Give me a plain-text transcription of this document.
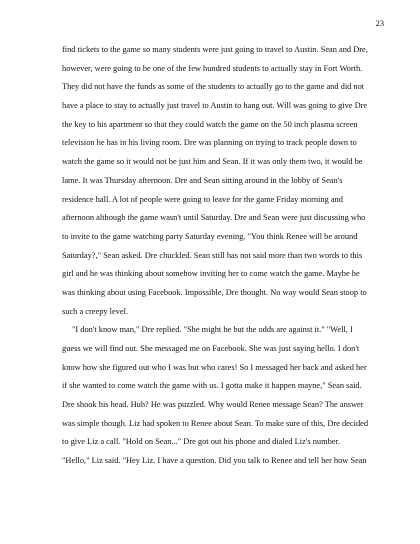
23
find tickets to the game so many students were just going to travel to Austin. Sean and Dre,
however, were going to be one of the few hundred students to actually stay in Fort Worth.
They did not have the funds as some of the students to actually go to the game and did not
have a place to stay to actually just travel to Austin to hang out. Will was going to give Dre
the key to his apartment so that they could watch the game on the 50 inch plasma screen
television he has in his living room. Dre was planning on trying to track people down to
watch the game so it would not be just him and Sean. If it was only them two, it would be
lame. It was Thursday afternoon. Dre and Sean sitting around in the lobby of Sean's
residence hall. A lot of people were going to leave for the game Friday morning and
afternoon although the game wasn't until Saturday. Dre and Sean were just discussing who
to invite to the game watching party Saturday evening. "You think Renee will be around
Saturday?," Sean asked. Dre chuckled. Sean still has not said more than two words to this
girl and he was thinking about somehow inviting her to come watch the game. Maybe he
was thinking about using Facebook. Impossible, Dre thought. No way would Sean stoop to
such a creepy level.
"I don't know man," Dre replied. "She might be but the odds are against it." "Well, I
guess we will find out. She messaged me on Facebook. She was just saying hello. I don't
know how she figured out who I was but who cares! So I messaged her back and asked her
if she wanted to come watch the game with us. I gotta make it happen mayne," Sean said.
Dre shook his head. Huh? He was puzzled. Why would Renee message Sean? The answer
was simple though. Liz had spoken to Renee about Sean. To make sure of this, Dre decided
to give Liz a call. "Hold on Sean..." Dre got out his phone and dialed Liz's number.
"Hello," Liz said. "Hey Liz. I have a question. Did you talk to Renee and tell her how Sean
